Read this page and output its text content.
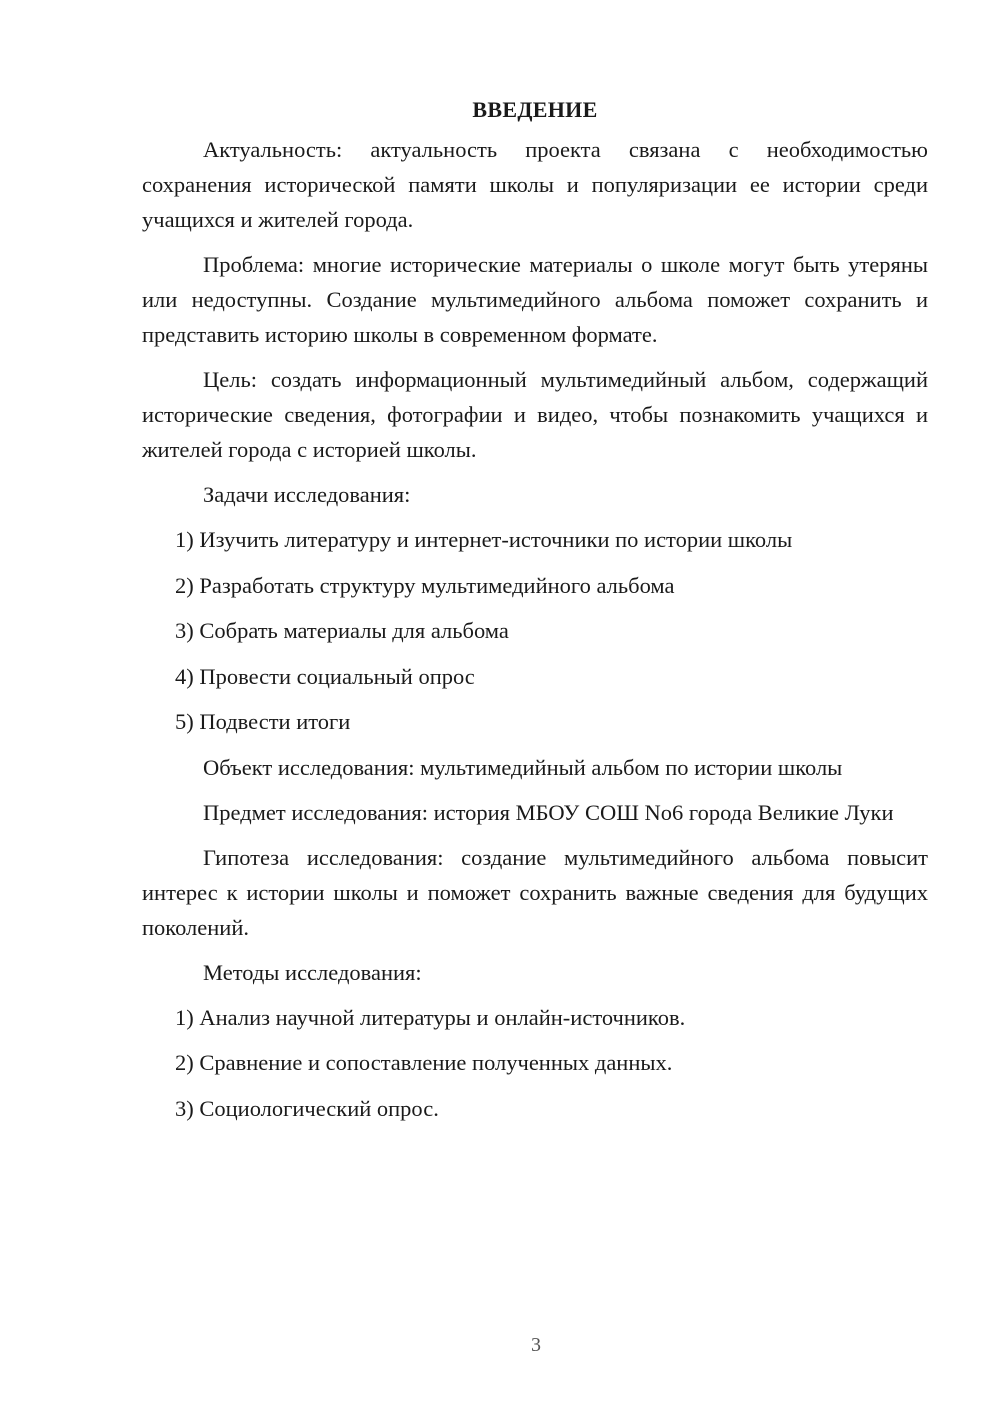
ВВЕДЕНИЕ

Актуальность: актуальность проекта связана с необходимостью сохранения исторической памяти школы и популяризации ее истории среди учащихся и жителей города.

Проблема: многие исторические материалы о школе могут быть утеряны или недоступны. Создание мультимедийного альбома поможет сохранить и представить историю школы в современном формате.

Цель: создать информационный мультимедийный альбом, содержащий исторические сведения, фотографии и видео, чтобы познакомить учащихся и жителей города с историей школы.

Задачи исследования:

1) Изучить литературу и интернет-источники по истории школы
2) Разработать структуру мультимедийного альбома
3) Собрать материалы для альбома
4) Провести социальный опрос
5) Подвести итоги

Объект исследования: мультимедийный альбом по истории школы

Предмет исследования: история МБОУ СОШ No6 города Великие Луки

Гипотеза исследования: создание мультимедийного альбома повысит интерес к истории школы и поможет сохранить важные сведения для будущих поколений.

Методы исследования:

1) Анализ научной литературы и онлайн-источников.
2) Сравнение и сопоставление полученных данных.
3) Социологический опрос.
3
